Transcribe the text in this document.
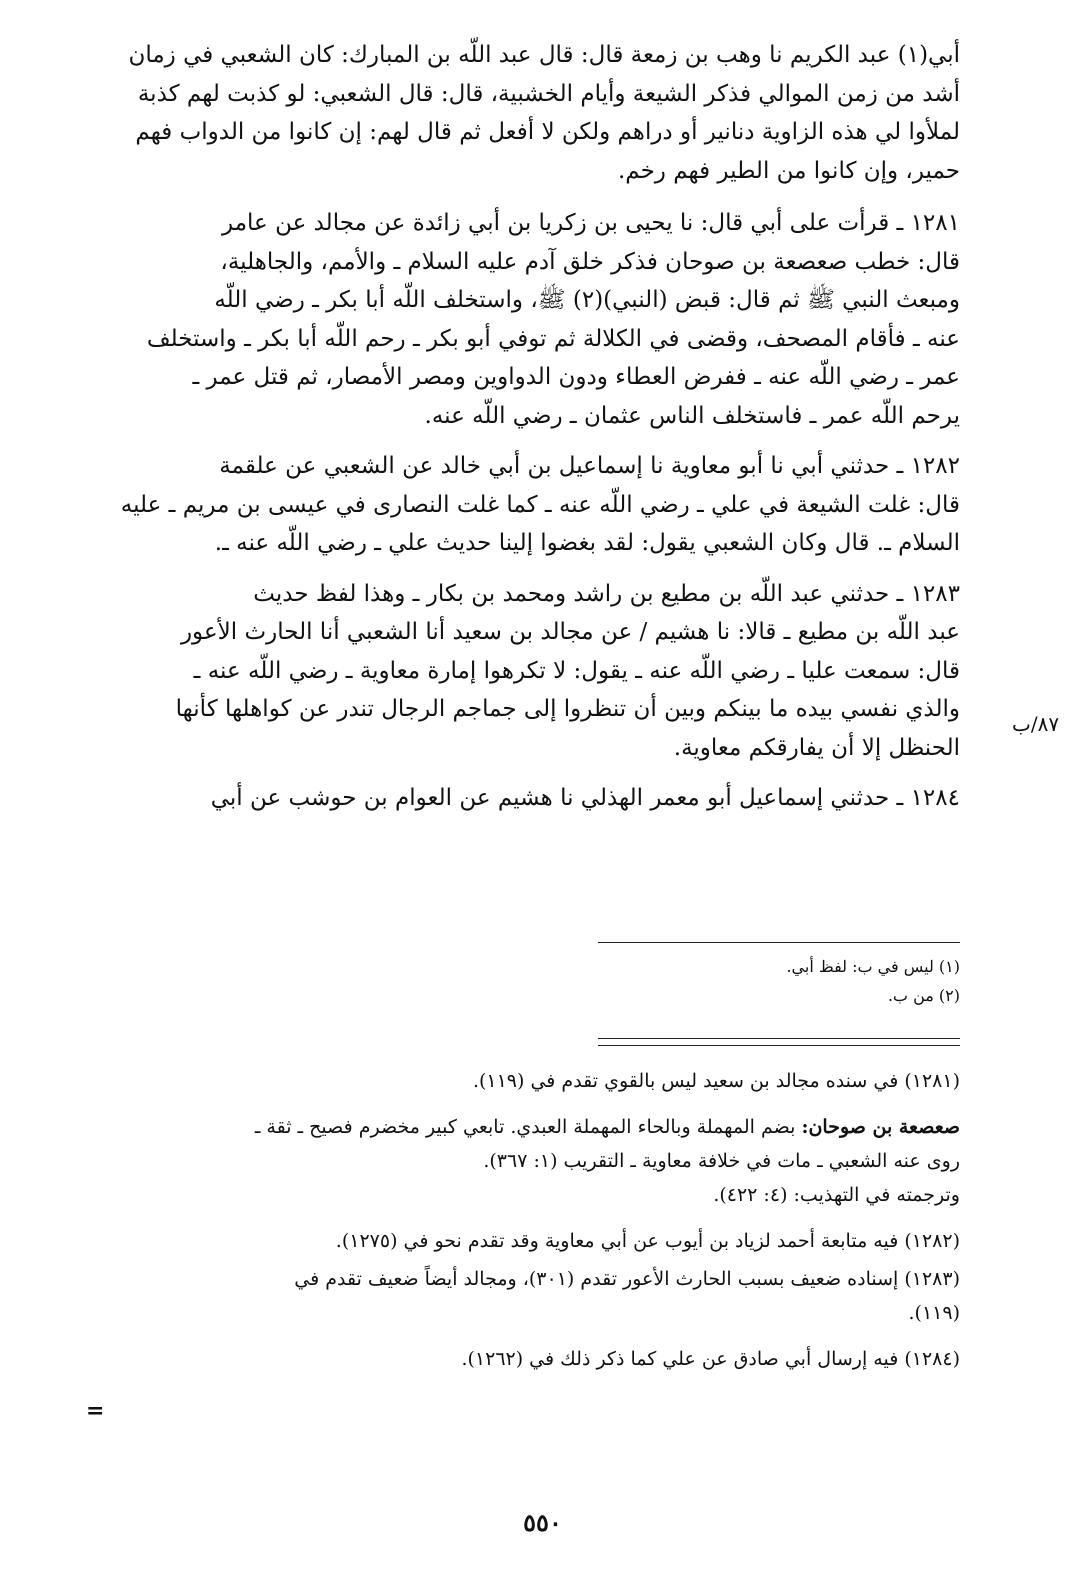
أبي(١) عبد الكريم نا وهب بن زمعة قال: قال عبد اللّه بن المبارك: كان الشعبي في زمان
أشد من زمن الموالي فذكر الشيعة وأيام الخشبية، قال: قال الشعبي: لو كذبت لهم كذبة
لملأوا لي هذه الزاوية دنانير أو دراهم ولكن لا أفعل ثم قال لهم: إن كانوا من الدواب فهم
حمير، وإن كانوا من الطير فهم رخم.
١٢٨١ ـ قرأت على أبي قال: نا يحيى بن زكريا بن أبي زائدة عن مجالد عن عامر
قال: خطب صعصعة بن صوحان فذكر خلق آدم عليه السلام ـ والأمم، والجاهلية،
ومبعث النبي ﷺ ثم قال: قبض (النبي)(٢) ﷺ، واستخلف اللّه أبا بكر ـ رضي اللّه
عنه ـ فأقام المصحف، وقضى في الكلالة ثم توفي أبو بكر ـ رحم اللّه أبا بكر ـ واستخلف
عمر ـ رضي اللّه عنه ـ ففرض العطاء ودون الدواوين ومصر الأمصار، ثم قتل عمر ـ
يرحم اللّه عمر ـ فاستخلف الناس عثمان ـ رضي اللّه عنه.
١٢٨٢ ـ حدثني أبي نا أبو معاوية نا إسماعيل بن أبي خالد عن الشعبي عن علقمة
قال: غلت الشيعة في علي ـ رضي اللّه عنه ـ كما غلت النصارى في عيسى بن مريم ـ عليه
السلام ـ. قال وكان الشعبي يقول: لقد بغضوا إلينا حديث علي ـ رضي اللّه عنه ـ.
١٢٨٣ ـ حدثني عبد اللّه بن مطيع بن راشد ومحمد بن بكار ـ وهذا لفظ حديث
عبد اللّه بن مطيع ـ قالا: نا هشيم / عن مجالد بن سعيد أنا الشعبي أنا الحارث الأعور
قال: سمعت عليا ـ رضي اللّه عنه ـ يقول: لا تكرهوا إمارة معاوية ـ رضي اللّه عنه ـ
والذي نفسي بيده ما بينكم وبين أن تنظروا إلى جماجم الرجال تندر عن كواهلها كأنها
الحنظل إلا أن يفارقكم معاوية.
١٢٨٤ ـ حدثني إسماعيل أبو معمر الهذلي نا هشيم عن العوام بن حوشب عن أبي
٨٧/ب
(١) ليس في ب: لفظ أبي.
(٢) من ب.
(١٢٨١) في سنده مجالد بن سعيد ليس بالقوي تقدم في (١١٩).
صعصعة بن صوحان: بضم المهملة وبالحاء المهملة العبدي. تابعي كبير مخضرم فصيح ـ ثقة ـ
روى عنه الشعبي ـ مات في خلافة معاوية ـ التقريب (١: ٣٦٧).
وترجمته في التهذيب: (٤: ٤٢٢).
(١٢٨٢) فيه متابعة أحمد لزياد بن أيوب عن أبي معاوية وقد تقدم نحو في (١٢٧٥).
(١٢٨٣) إسناده ضعيف بسبب الحارث الأعور تقدم (٣٠١)، ومجالد أيضاً ضعيف تقدم في
(١١٩).
(١٢٨٤) فيه إرسال أبي صادق عن علي كما ذكر ذلك في (١٢٦٢).
=
٥٥٠
